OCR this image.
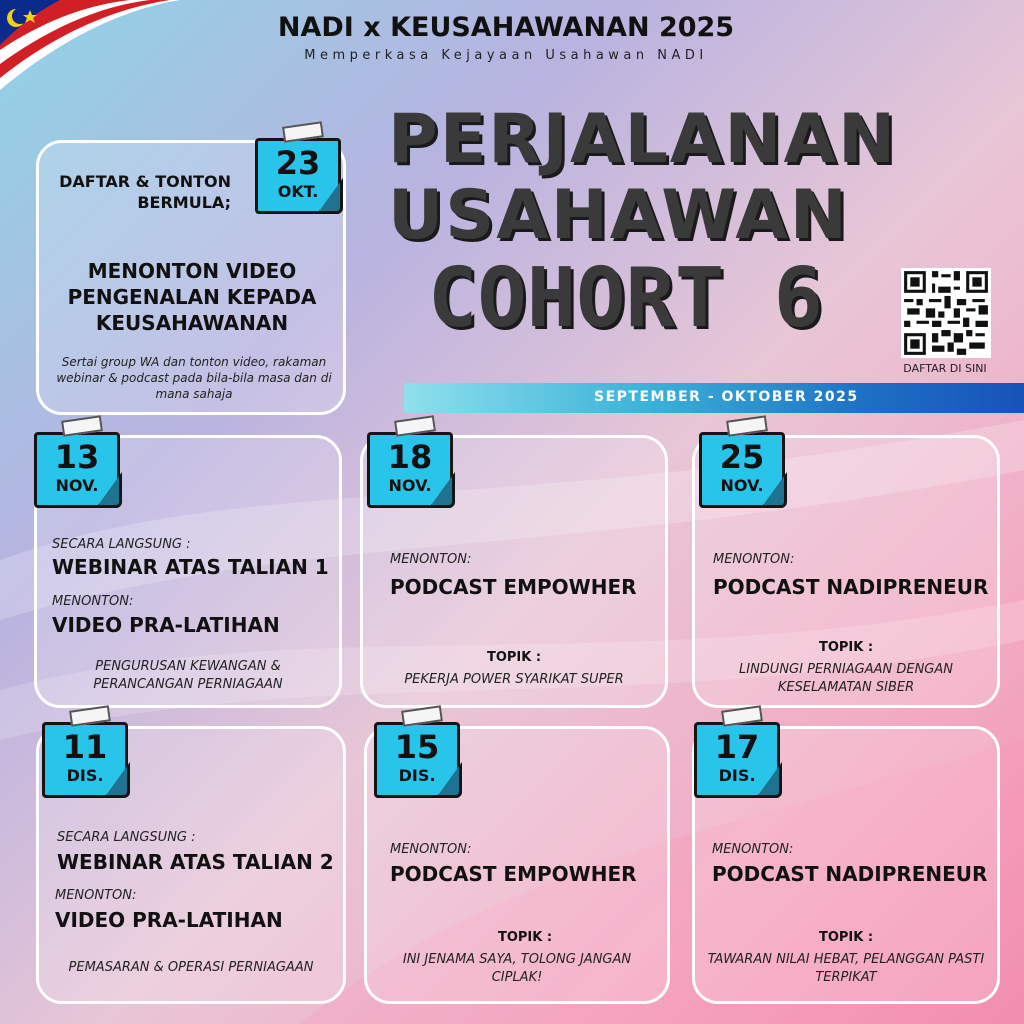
NADI x KEUSAHAWANAN 2025
Memperkasa Kejayaan Usahawan NADI
PERJALANAN
USAHAWAN
COHORT 6
DAFTAR DI SINI
SEPTEMBER - OKTOBER 2025
DAFTAR & TONTON BERMULA;
23
OKT.
MENONTON VIDEO PENGENALAN KEPADA KEUSAHAWANAN
Sertai group WA dan tonton video, rakaman webinar & podcast pada bila-bila masa dan di mana sahaja
13
NOV.
SECARA LANGSUNG :
WEBINAR ATAS TALIAN 1
MENONTON:
VIDEO PRA-LATIHAN
PENGURUSAN KEWANGAN & PERANCANGAN PERNIAGAAN
18
NOV.
MENONTON:
PODCAST EMPOWHER
TOPIK :
PEKERJA POWER SYARIKAT SUPER
25
NOV.
MENONTON:
PODCAST NADIPRENEUR
TOPIK :
LINDUNGI PERNIAGAAN DENGAN KESELAMATAN SIBER
11
DIS.
SECARA LANGSUNG :
WEBINAR ATAS TALIAN 2
MENONTON:
VIDEO PRA-LATIHAN
PEMASARAN & OPERASI PERNIAGAAN
15
DIS.
MENONTON:
PODCAST EMPOWHER
TOPIK :
INI JENAMA SAYA, TOLONG JANGAN CIPLAK!
17
DIS.
MENONTON:
PODCAST NADIPRENEUR
TOPIK :
TAWARAN NILAI HEBAT, PELANGGAN PASTI TERPIKAT
